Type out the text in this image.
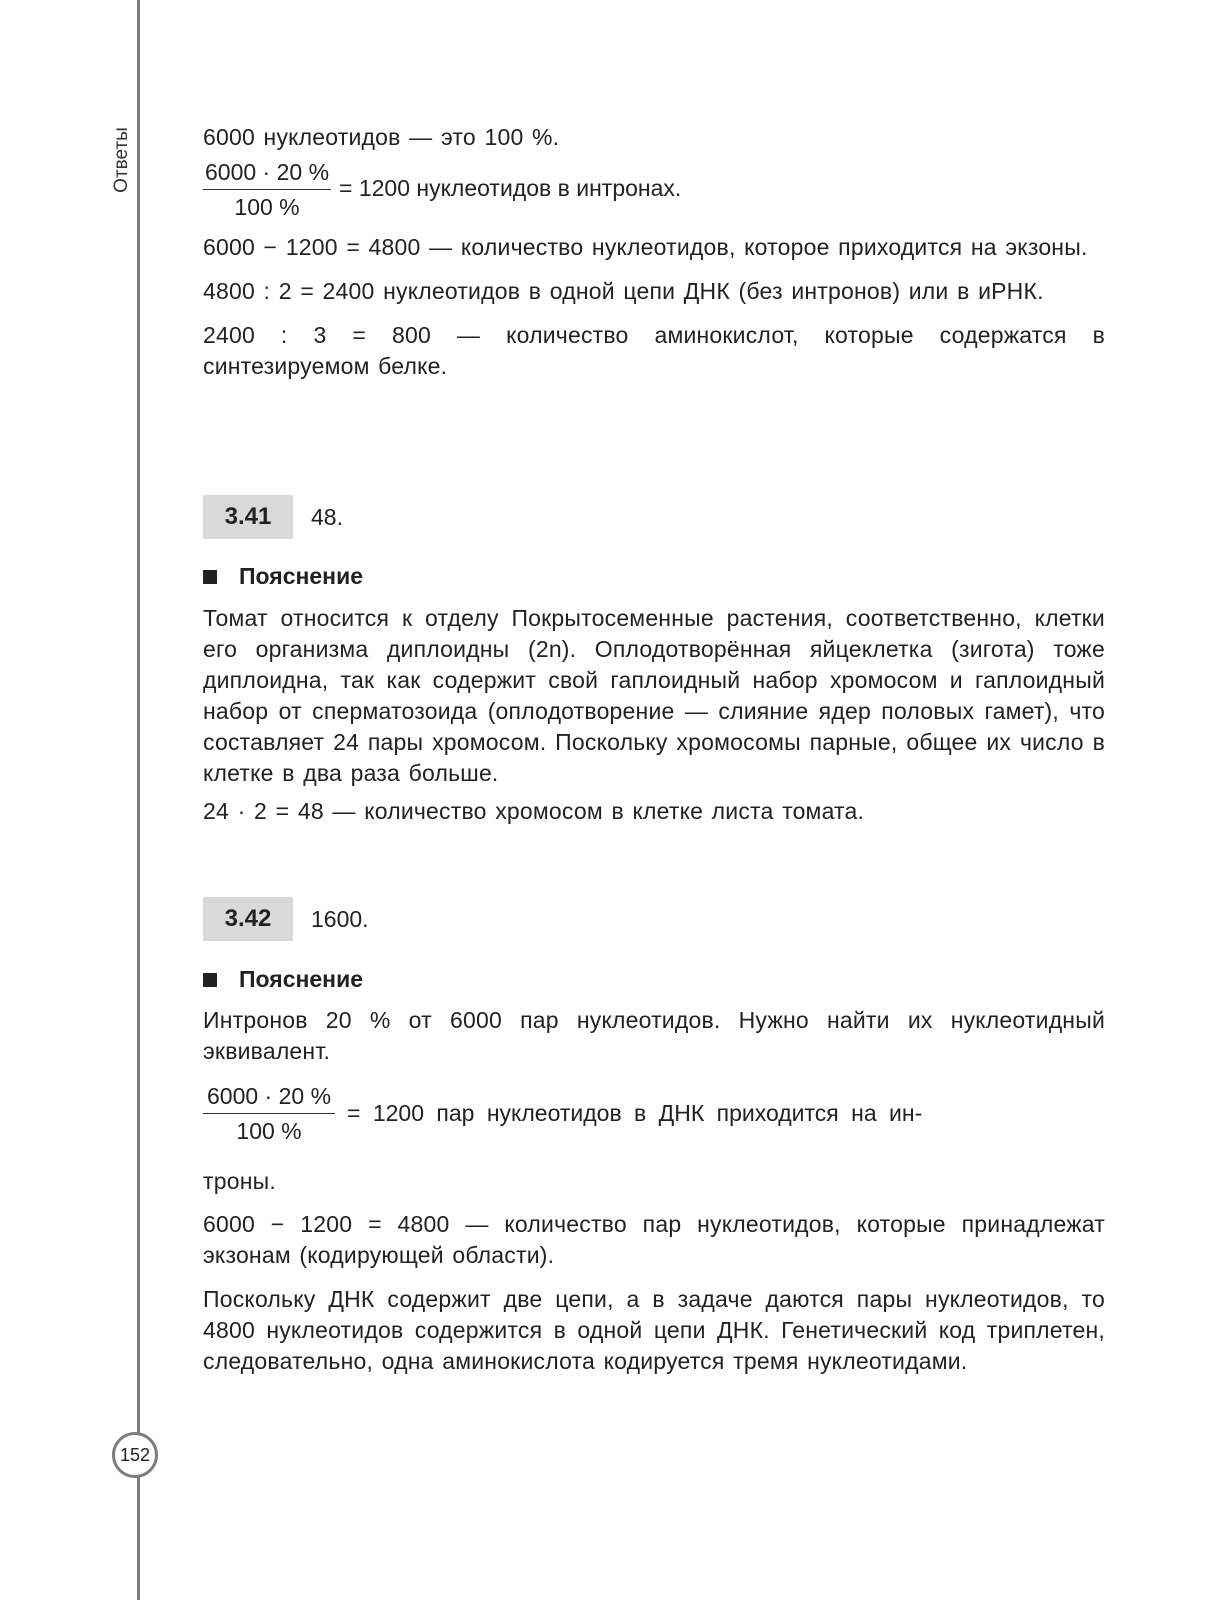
Ответы
152

6000 нуклеотидов — это 100 %.

$\frac{6000 \cdot 20 \%}{100 \%} = 1200$ нуклеотидов в интронах.

6000 − 1200 = 4800 — количество нуклеотидов, которое приходится на экзоны.

4800 : 2 = 2400 нуклеотидов в одной цепи ДНК (без интронов) или в иРНК.

2400 : 3 = 800 — количество аминокислот, которые содержатся в синтезируемом белке.

3.41	48.
Пояснение

Томат относится к отделу Покрытосеменные растения, соответственно, клетки его организма диплоидны (2n). Оплодотворённая яйцеклетка (зигота) тоже диплоидна, так как содержит свой гаплоидный набор хромосом и гаплоидный набор от сперматозоида (оплодотворение — слияние ядер половых гамет), что составляет 24 пары хромосом. Поскольку хромосомы парные, общее их число в клетке в два раза больше.

24 · 2 = 48 — количество хромосом в клетке листа томата.

3.42	1600.
Пояснение

Интронов 20 % от 6000 пар нуклеотидов. Нужно найти их нуклеотидный эквивалент.

$\frac{6000 \cdot 20 \%}{100 \%} = 1200$ пар нуклеотидов в ДНК приходится на ин-

троны.

6000 − 1200 = 4800 — количество пар нуклеотидов, которые принадлежат экзонам (кодирующей области).

Поскольку ДНК содержит две цепи, а в задаче даются пары нуклеотидов, то 4800 нуклеотидов содержится в одной цепи ДНК. Генетический код триплетен, следовательно, одна аминокислота кодируется тремя нуклеотидами.
